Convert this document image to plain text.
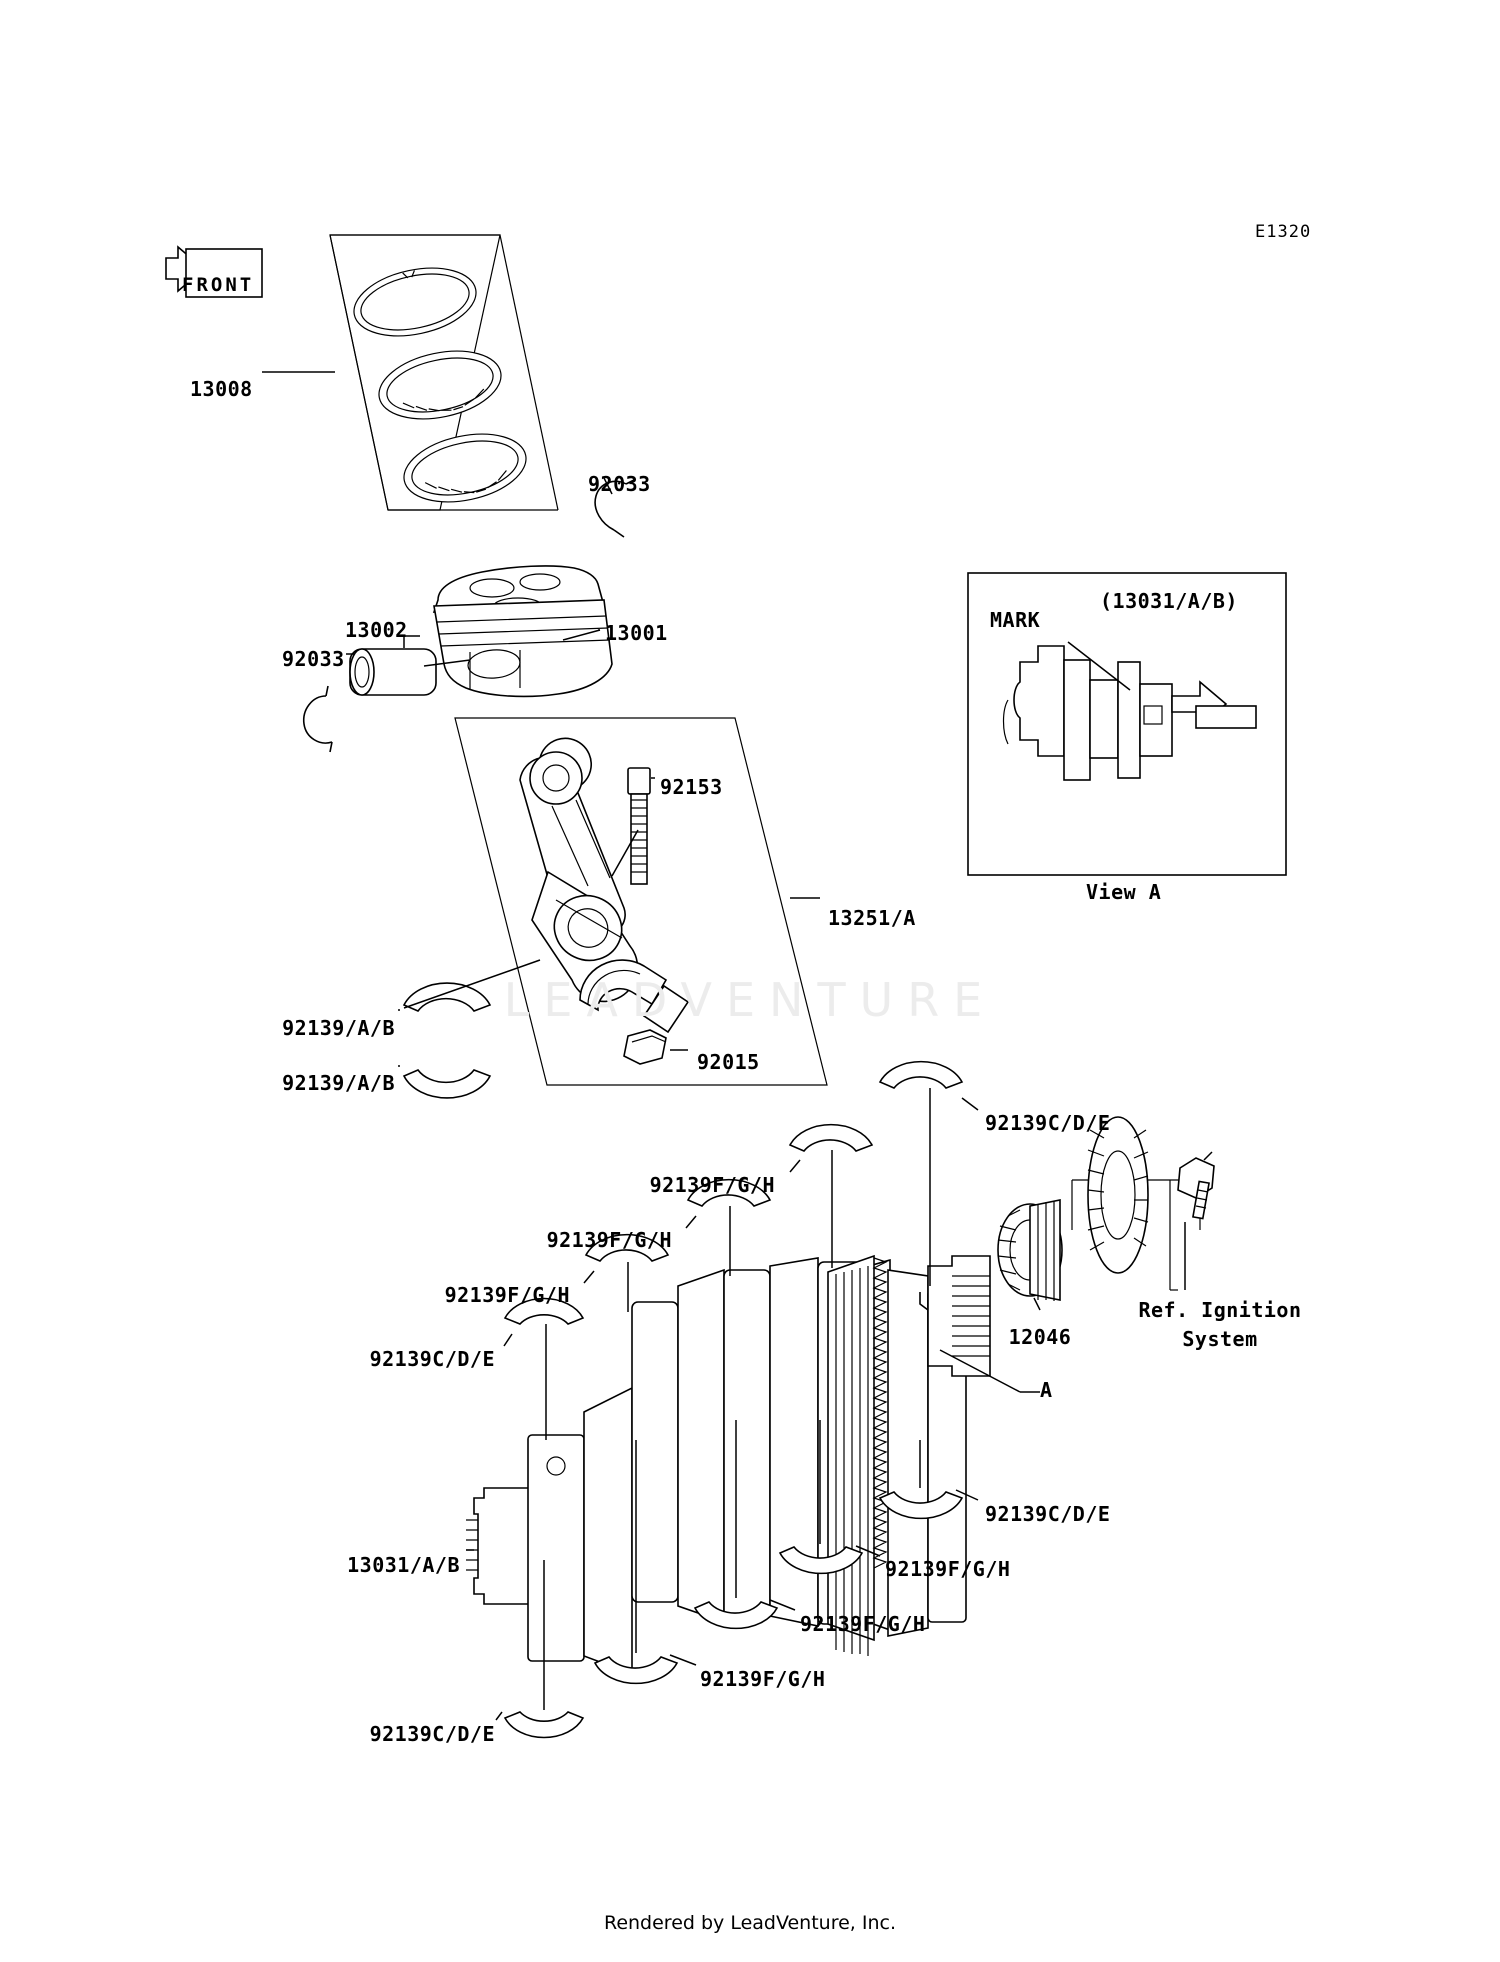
LEADVENTURE
E1320
FRONT
(13031/A/B)
MARK
View A
A
Ref. Ignition
System
13008
92033
13002	13001
92033
92153
13251/A
92139/A/B
92139/A/B
92015
92139C/D/E
92139F/G/H
92139F/G/H
92139F/G/H
12046
92139C/D/E
13031/A/B
92139C/D/E
92139F/G/H
92139F/G/H
92139F/G/H
92139C/D/E
Rendered by LeadVenture, Inc.
